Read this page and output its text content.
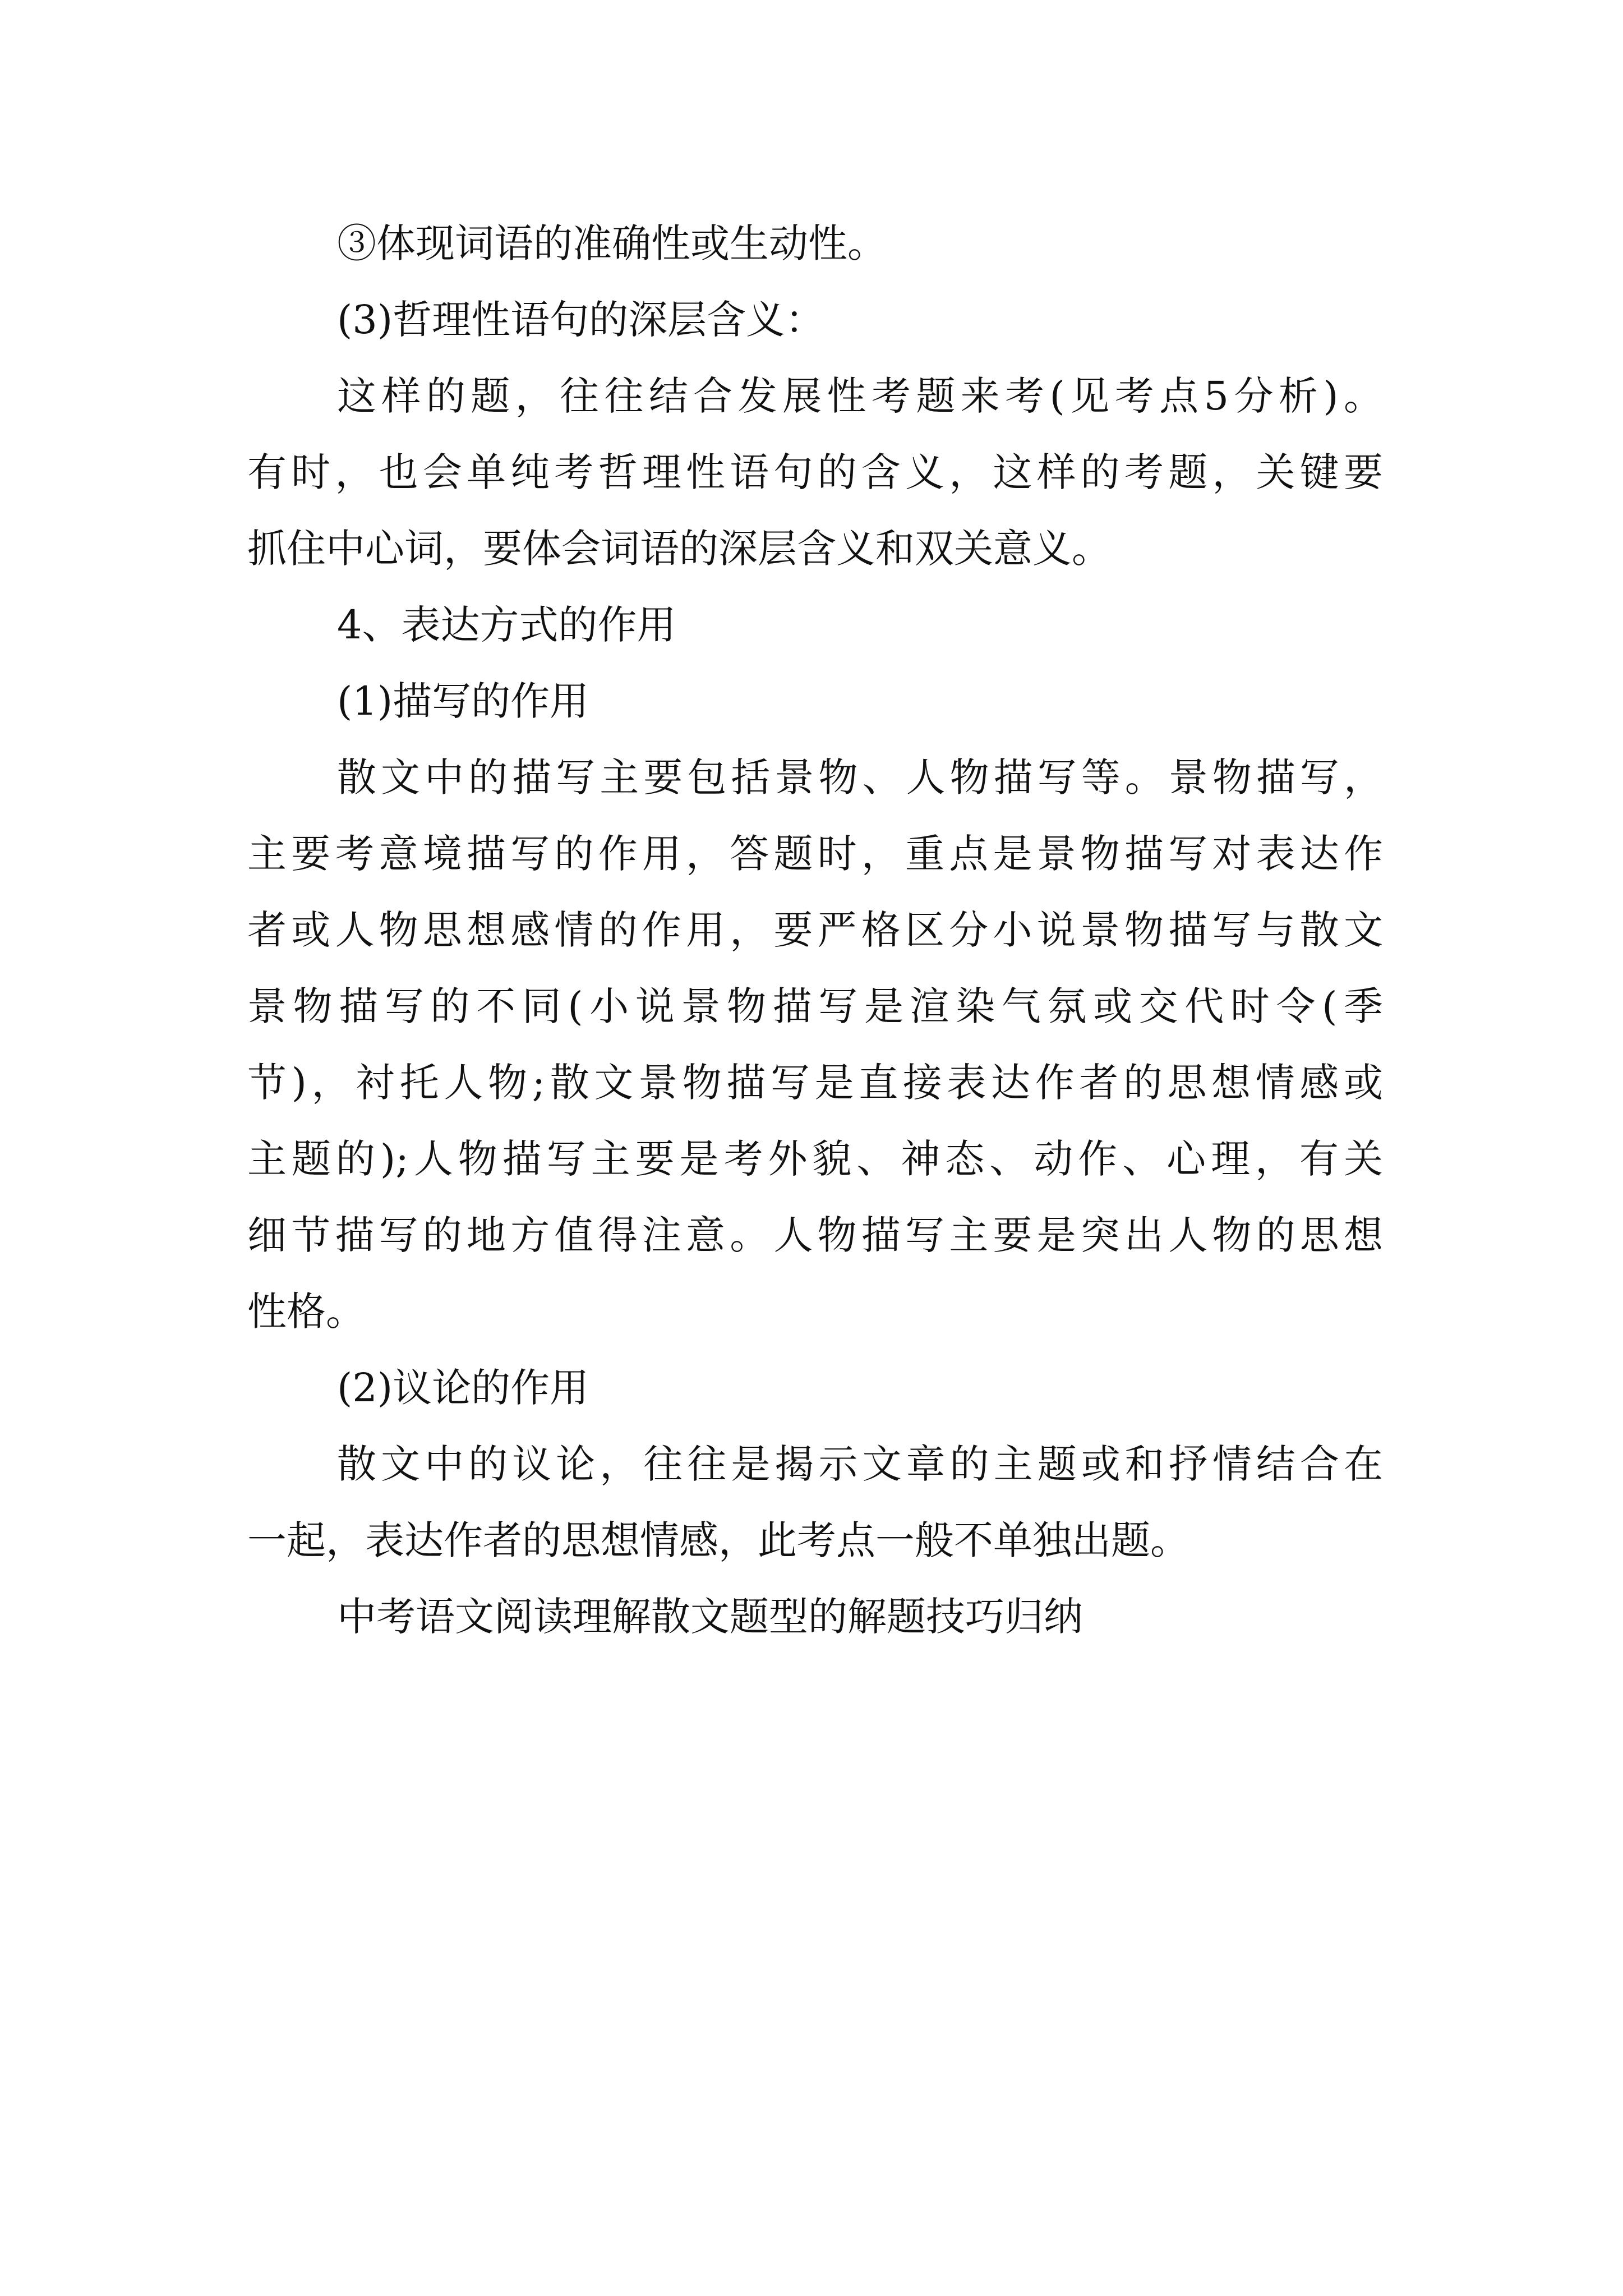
③体现词语的准确性或生动性。
(3)哲理性语句的深层含义：
这样的题，往往结合发展性考题来考(见考点5分析)。
有时，也会单纯考哲理性语句的含义，这样的考题，关键要
抓住中心词，要体会词语的深层含义和双关意义。
4、表达方式的作用
(1)描写的作用
散文中的描写主要包括景物、人物描写等。景物描写，
主要考意境描写的作用，答题时，重点是景物描写对表达作
者或人物思想感情的作用，要严格区分小说景物描写与散文
景物描写的不同(小说景物描写是渲染气氛或交代时令(季
节)，衬托人物;散文景物描写是直接表达作者的思想情感或
主题的);人物描写主要是考外貌、神态、动作、心理，有关
细节描写的地方值得注意。人物描写主要是突出人物的思想
性格。
(2)议论的作用
散文中的议论，往往是揭示文章的主题或和抒情结合在
一起，表达作者的思想情感，此考点一般不单独出题。
中考语文阅读理解散文题型的解题技巧归纳
